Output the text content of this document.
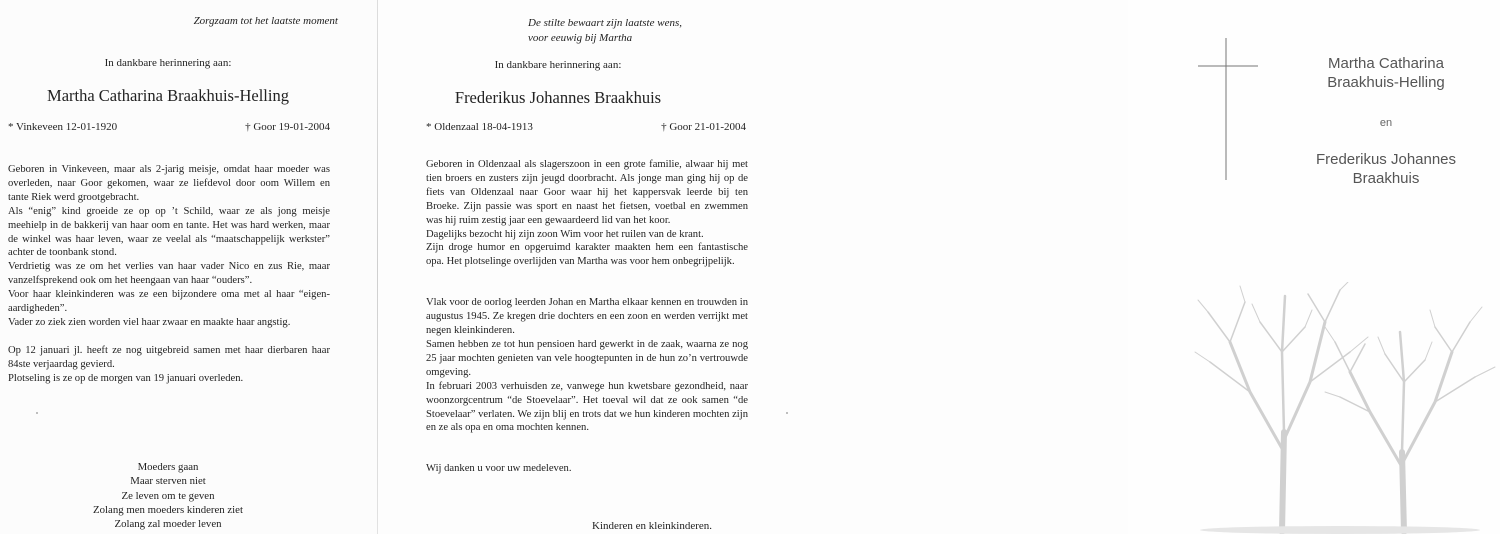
Zorgzaam tot het laatste moment
In dankbare herinnering aan:
Martha Catharina Braakhuis-Helling
* Vinkeveen 12-01-1920	† Goor 19-01-2004

Geboren in Vinkeveen, maar als 2-jarig meisje, omdat haar moeder was overleden, naar Goor gekomen, waar ze liefdevol door oom Willem en tante Riek werd grootgebracht.

Als “enig” kind groeide ze op op ’t Schild, waar ze als jong meisje meehielp in de bakkerij van haar oom en tante. Het was hard werken, maar de winkel was haar leven, waar ze veelal als “maatschappelijk werkster” achter de toonbank stond.

Verdrietig was ze om het verlies van haar vader Nico en zus Rie, maar vanzelfsprekend ook om het heengaan van haar “ouders”.

Voor haar kleinkinderen was ze een bijzondere oma met al haar “eigen-aardigheden”.

Vader zo ziek zien worden viel haar zwaar en maakte haar angstig.

Op 12 januari jl. heeft ze nog uitgebreid samen met haar dierbaren haar 84ste verjaardag gevierd.

Plotseling is ze op de morgen van 19 januari overleden.

Moeders gaan
Maar sterven niet
Ze leven om te geven
Zolang men moeders kinderen ziet
Zolang zal moeder leven
De stilte bewaart zijn laatste wens,
voor eeuwig bij Martha
In dankbare herinnering aan:
Frederikus Johannes Braakhuis
* Oldenzaal 18-04-1913	† Goor 21-01-2004

Geboren in Oldenzaal als slagerszoon in een grote familie, alwaar hij met tien broers en zusters zijn jeugd doorbracht. Als jonge man ging hij op de fiets van Oldenzaal naar Goor waar hij het kappersvak leerde bij ten Broeke. Zijn passie was sport en naast het fietsen, voetbal en zwemmen was hij ruim zestig jaar een gewaardeerd lid van het koor.

Dagelijks bezocht hij zijn zoon Wim voor het ruilen van de krant.

Zijn droge humor en opgeruimd karakter maakten hem een fantastische opa. Het plotselinge overlijden van Martha was voor hem onbegrijpelijk.

Vlak voor de oorlog leerden Johan en Martha elkaar kennen en trouwden in augustus 1945. Ze kregen drie dochters en een zoon en werden verrijkt met negen kleinkinderen.

Samen hebben ze tot hun pensioen hard gewerkt in de zaak, waarna ze nog 25 jaar mochten genieten van vele hoogtepunten in de hun zo’n vertrouwde omgeving.

In februari 2003 verhuisden ze, vanwege hun kwetsbare gezondheid, naar woonzorgcentrum “de Stoevelaar”. Het toeval wil dat ze ook samen “de Stoevelaar” verlaten. We zijn blij en trots dat we hun kinderen mochten zijn en ze als opa en oma mochten kennen.

Wij danken u voor uw medeleven.

Kinderen en kleinkinderen.
Martha Catharina
Braakhuis-Helling
en
Frederikus Johannes
Braakhuis
